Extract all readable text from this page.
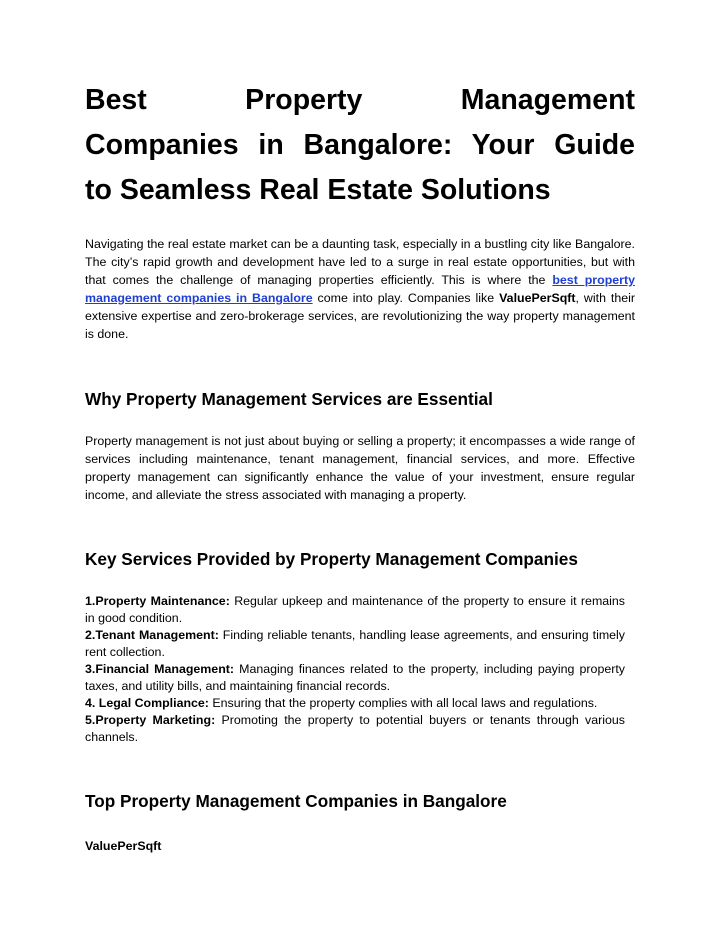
Best Property Management
Companies in Bangalore: Your Guide
to Seamless Real Estate Solutions

Navigating the real estate market can be a daunting task, especially in a bustling city like Bangalore. The city’s rapid growth and development have led to a surge in real estate opportunities, but with that comes the challenge of managing properties efficiently. This is where the best property management companies in Bangalore come into play. Companies like ValuePerSqft, with their extensive expertise and zero-brokerage services, are revolutionizing the way property management is done.

Why Property Management Services are Essential

Property management is not just about buying or selling a property; it encompasses a wide range of services including maintenance, tenant management, financial services, and more. Effective property management can significantly enhance the value of your investment, ensure regular income, and alleviate the stress associated with managing a property.

Key Services Provided by Property Management Companies

1.Property Maintenance: Regular upkeep and maintenance of the property to ensure it remains in good condition.

2.Tenant Management: Finding reliable tenants, handling lease agreements, and ensuring timely rent collection.

3.Financial Management: Managing finances related to the property, including paying property taxes, and utility bills, and maintaining financial records.

4. Legal Compliance: Ensuring that the property complies with all local laws and regulations.

5.Property Marketing: Promoting the property to potential buyers or tenants through various channels.

Top Property Management Companies in Bangalore
ValuePerSqft
